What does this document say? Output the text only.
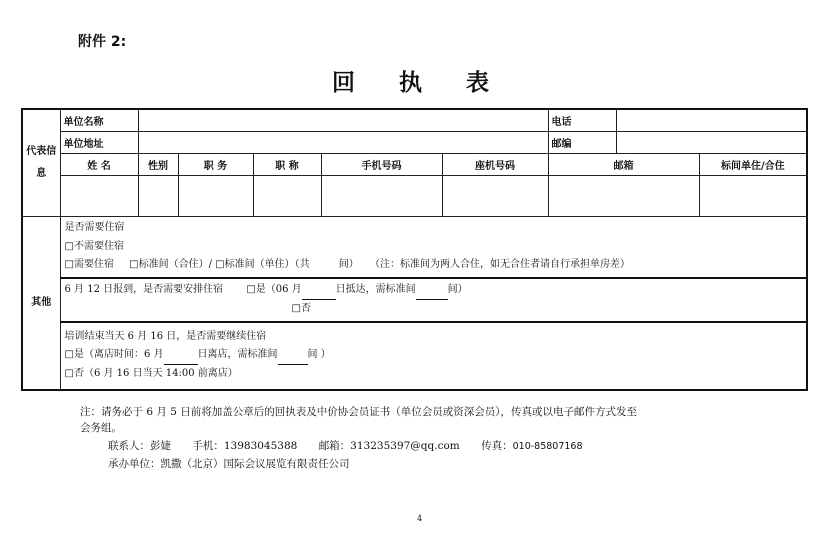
附件 2:
回 执 表
代表信息	单位名称						电话		
	单位地址						邮编		
	姓 名	性别	职 务	职 称	手机号码	座机号码	邮箱		标间单住/合住

其他	是否需要住宿
□不需要住宿
□需要住宿 □标准间（合住）/ □标准间（单住）（共 间） （注：标准间为两人合住，如无合住者请自行承担单房差）								

	6 月 12 日报到，是否需要安排住宿 □是（06 月 日抵达，需标准间 间）
□否								

	培训结束当天 6 月 16 日，是否需要继续住宿
□是（离店时间：6 月 日离店，需标准间 间 ）
□否（6 月 16 日当天 14:00 前离店）								
注：请务必于 6 月 5 日前将加盖公章后的回执表及中价协会员证书（单位会员或资深会员），传真或以电子邮件方式发至
会务组。
联系人：彭婕 手机：13983045388 邮箱：313235397@qq.com 传真：010-85807168
承办单位：凯撒（北京）国际会议展览有限责任公司
4
